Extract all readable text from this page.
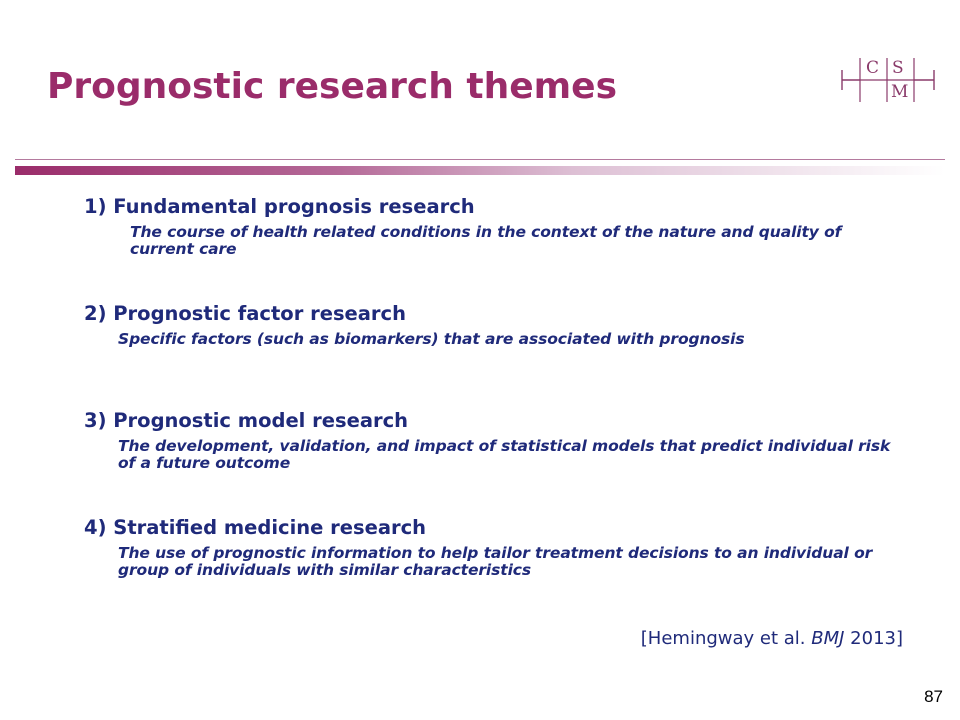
Prognostic research themes	C S
M
1) Fundamental prognosis research
The course of health related conditions in the context of the nature and quality of current care
2) Prognostic factor research
Specific factors (such as biomarkers) that are associated with prognosis
3) Prognostic model research
The development, validation, and impact of statistical models that predict individual risk of a future outcome
4) Stratified medicine research
The use of prognostic information to help tailor treatment decisions to an individual or group of individuals with similar characteristics
[Hemingway et al. BMJ 2013]
87
